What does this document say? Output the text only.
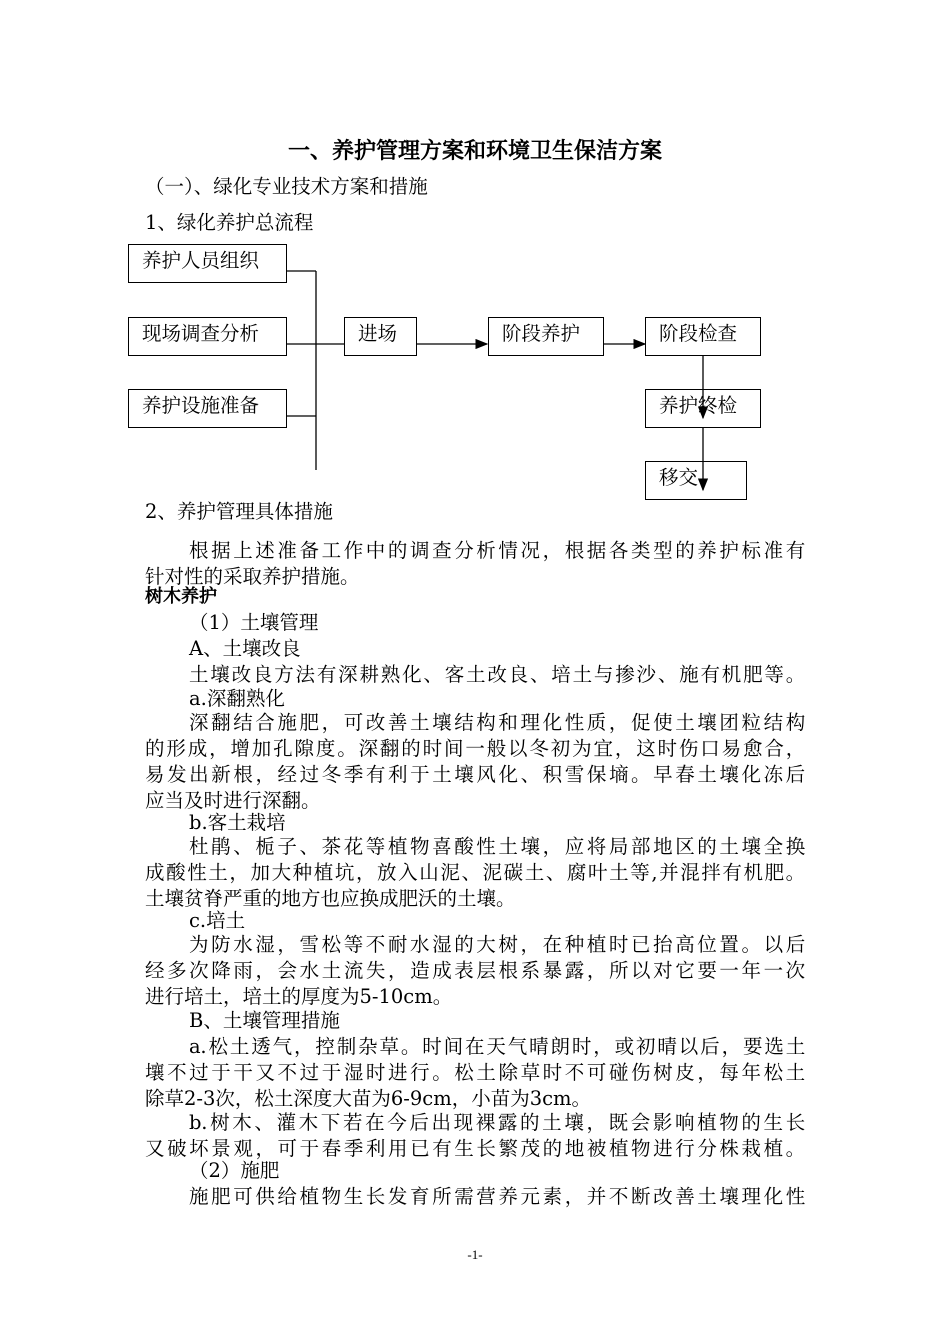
一、养护管理方案和环境卫生保洁方案
（一）、绿化专业技术方案和措施
1、绿化养护总流程
养护人员组织
现场调查分析
养护设施准备
进场	阶段养护	阶段检查
养护终检
移交
2、养护管理具体措施
根据上述准备工作中的调查分析情况，根据各类型的养护标准有
针对性的采取养护措施。
树木养护
（1）土壤管理
A、土壤改良
土壤改良方法有深耕熟化、客土改良、培土与掺沙、施有机肥等。
a.深翻熟化
深翻结合施肥，可改善土壤结构和理化性质，促使土壤团粒结构
的形成，增加孔隙度。深翻的时间一般以冬初为宜，这时伤口易愈合，
易发出新根，经过冬季有利于土壤风化、积雪保墒。早春土壤化冻后
应当及时进行深翻。
b.客土栽培
杜鹃、栀子、茶花等植物喜酸性土壤，应将局部地区的土壤全换
成酸性土，加大种植坑，放入山泥、泥碳土、腐叶土等,并混拌有机肥。
土壤贫脊严重的地方也应换成肥沃的土壤。
c.培土
为防水湿，雪松等不耐水湿的大树，在种植时已抬高位置。以后
经多次降雨，会水土流失，造成表层根系暴露，所以对它要一年一次
进行培土，培土的厚度为5-10cm。
B、土壤管理措施
a.松土透气，控制杂草。时间在天气晴朗时，或初晴以后，要选土
壤不过于干又不过于湿时进行。松土除草时不可碰伤树皮，每年松土
除草2-3次，松土深度大苗为6-9cm，小苗为3cm。
b.树木、灌木下若在今后出现裸露的土壤，既会影响植物的生长
又破坏景观，可于春季利用已有生长繁茂的地被植物进行分株栽植。
（2）施肥
施肥可供给植物生长发育所需营养元素，并不断改善土壤理化性
-1-
